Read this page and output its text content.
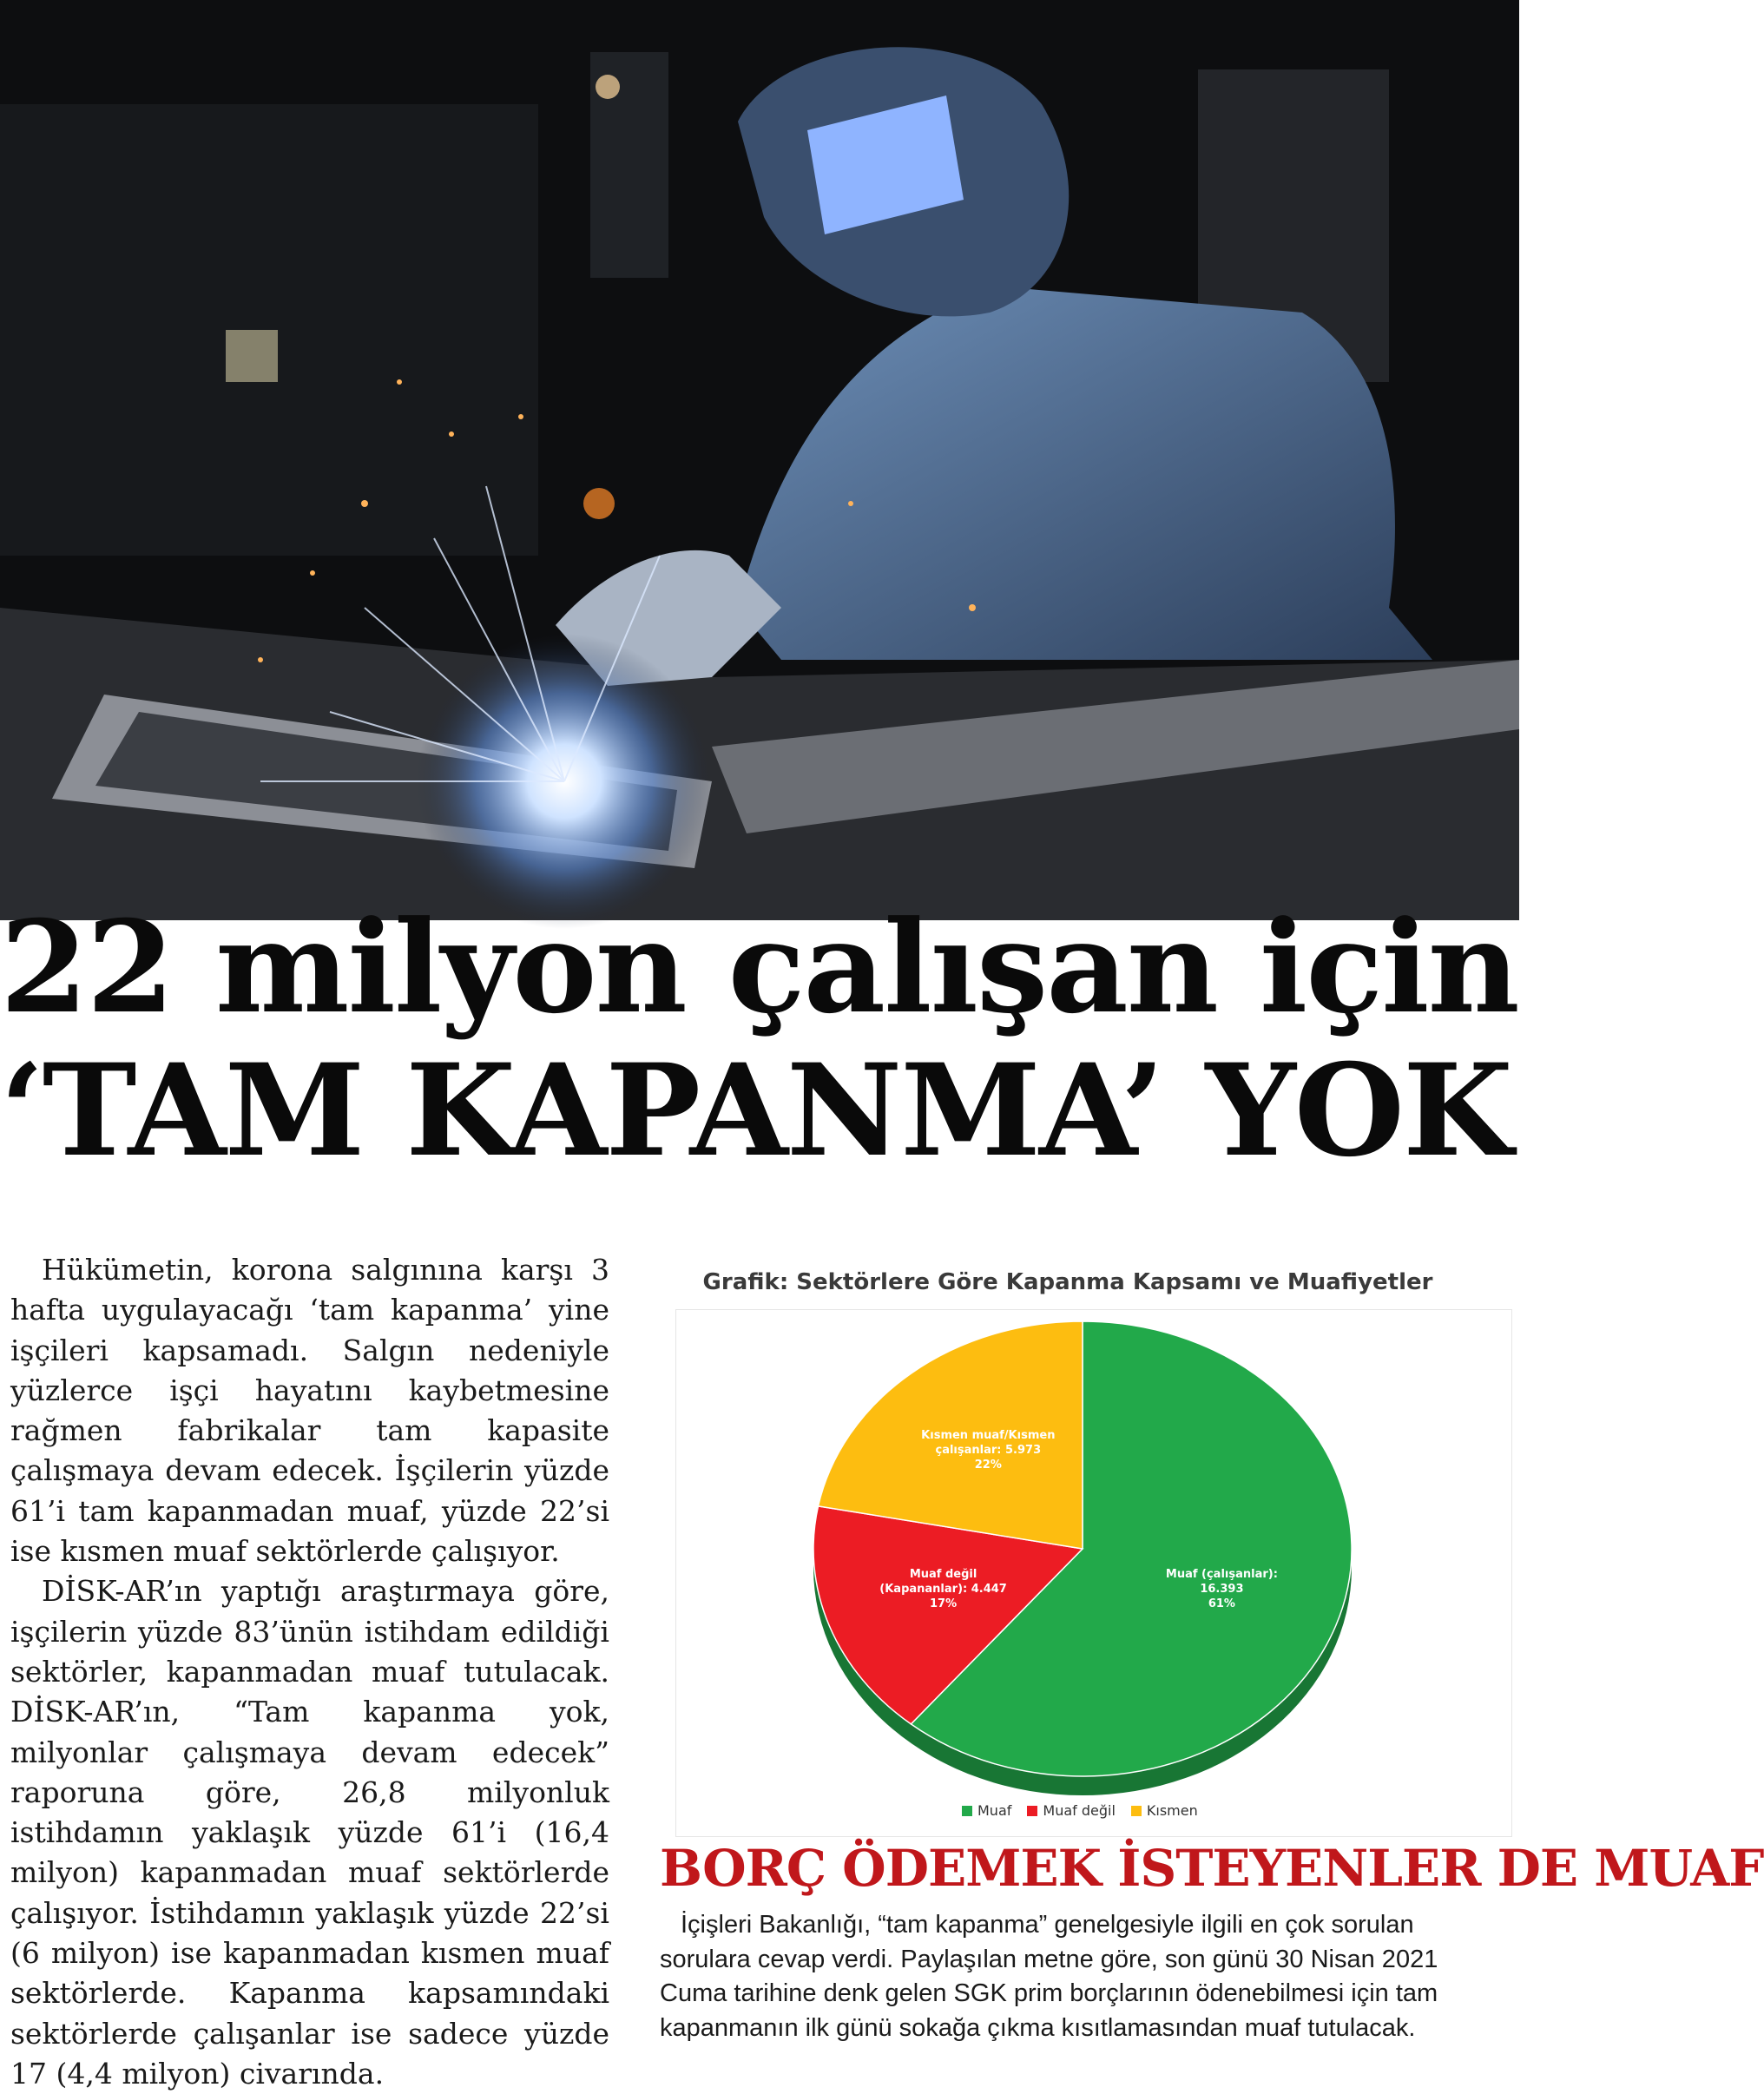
22 milyon çalışan için
‘TAM KAPANMA’ YOK

Hükümetin, korona salgınına karşı 3 hafta uygulayacağı ‘tam kapanma’ yine işçileri kapsamadı. Salgın nedeniyle yüzlerce işçi hayatını kaybetmesine rağmen fabrikalar tam kapasite çalışmaya devam edecek. İşçilerin yüzde 61’i tam kapanmadan muaf, yüzde 22’si ise kısmen muaf sektörlerde çalışıyor.

DİSK-AR’ın yaptığı araştırmaya göre, işçilerin yüzde 83’ünün istihdam edildiği sektörler, kapanmadan muaf tutulacak. DİSK-AR’ın, “Tam kapanma yok, milyonlar çalışmaya devam edecek” raporuna göre, 26,8 milyonluk istihdamın yaklaşık yüzde 61’i (16,4 milyon) kapanmadan muaf sektörlerde çalışıyor. İstihdamın yaklaşık yüzde 22’si (6 milyon) ise kapanmadan kısmen muaf sektörlerde. Kapanma kapsamındaki sektörlerde çalışanlar ise sadece yüzde 17 (4,4 milyon) civarında.

Grafik: Sektörlere Göre Kapanma Kapsamı ve Muafiyetler
Muaf (çalışanlar): 16.393 61%
Muaf değil (Kapananlar): 4.447 17%
Kısmen muaf/Kısmen çalışanlar: 5.973 22%
Muaf	Muaf değil	Kısmen
BORÇ ÖDEMEK İSTEYENLER DE MUAF

İçişleri Bakanlığı, “tam kapanma” genelgesiyle ilgili en çok sorulan sorulara cevap verdi. Paylaşılan metne göre, son günü 30 Nisan 2021 Cuma tarihine denk gelen SGK prim borçlarının ödenebilmesi için tam kapanmanın ilk günü sokağa çıkma kısıtlamasından muaf tutulacak.
